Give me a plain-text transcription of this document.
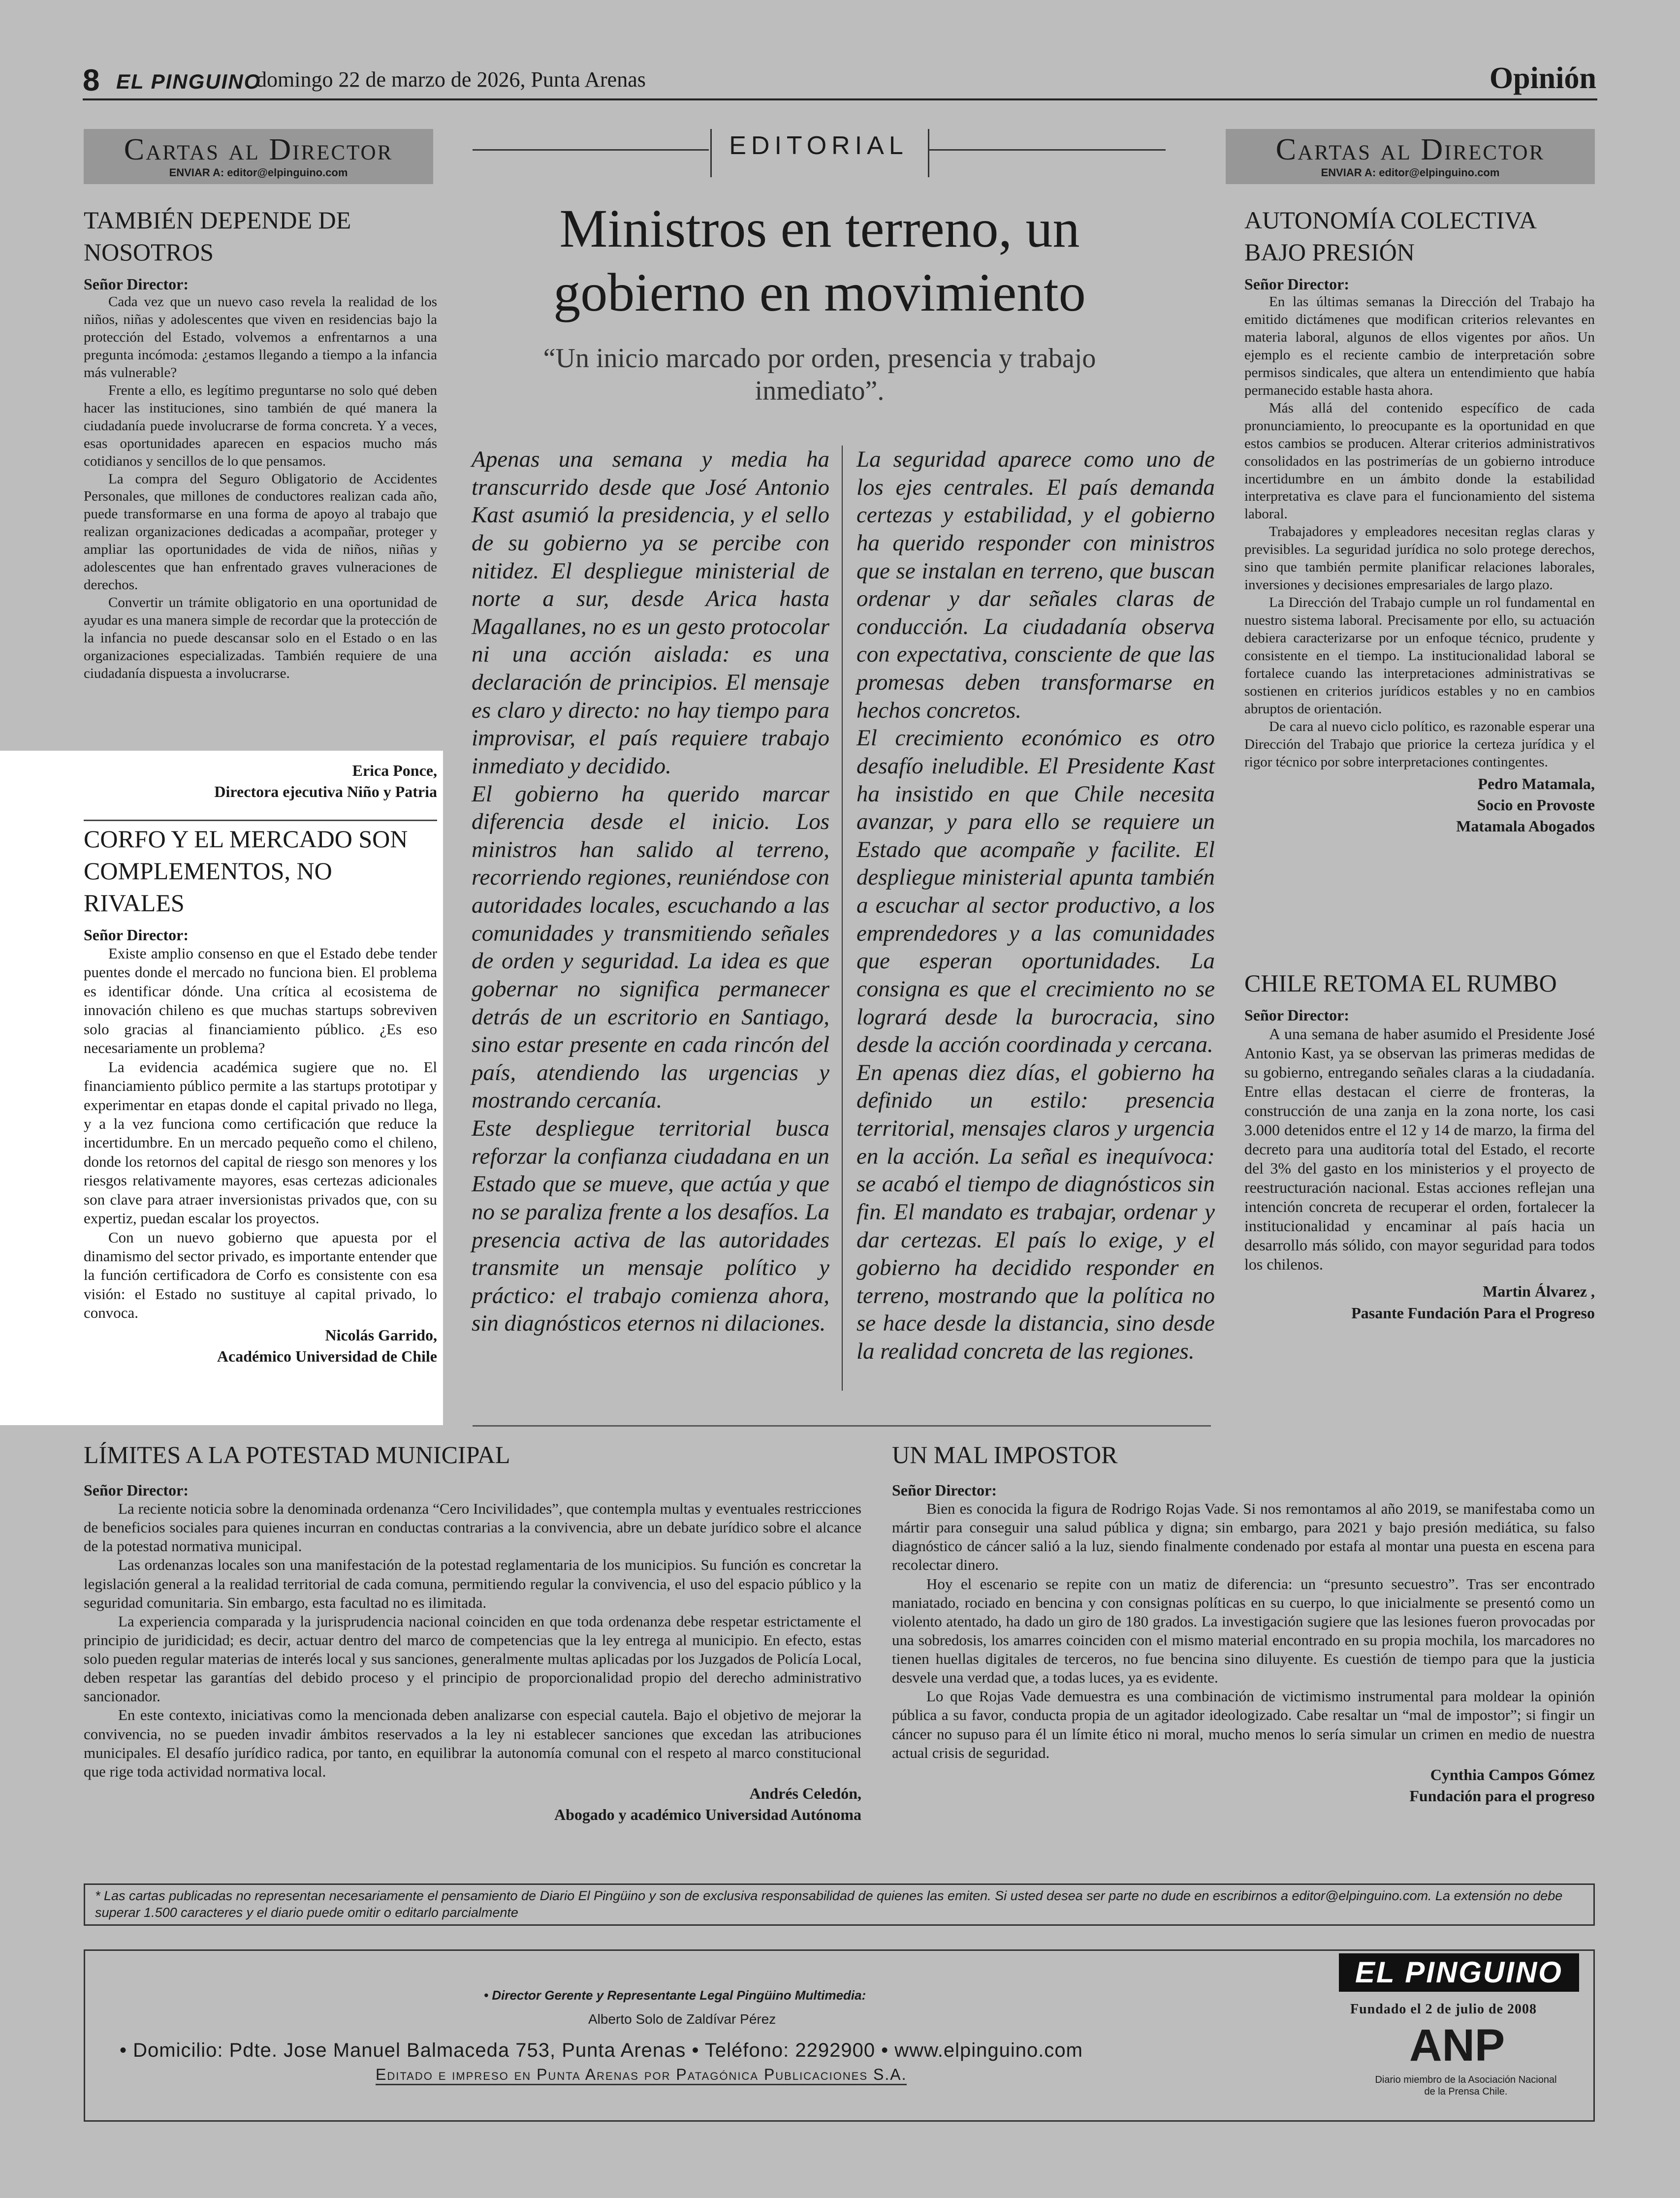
8 EL PINGUINO
domingo 22 de marzo de 2026, Punta Arenas	Opinión
Cartas al Director
ENVIAR A: editor@elpinguino.com
TAMBIÉN DEPENDE DE NOSOTROS
Señor Director:

Cada vez que un nuevo caso revela la realidad de los niños, niñas y adolescentes que viven en residencias bajo la protección del Estado, volvemos a enfrentarnos a una pregunta incómoda: ¿estamos llegando a tiempo a la infancia más vulnerable?

Frente a ello, es legítimo preguntarse no solo qué deben hacer las instituciones, sino también de qué manera la ciudadanía puede involucrarse de forma concreta. Y a veces, esas oportunidades aparecen en espacios mucho más cotidianos y sencillos de lo que pensamos.

La compra del Seguro Obligatorio de Accidentes Personales, que millones de conductores realizan cada año, puede transformarse en una forma de apoyo al trabajo que realizan organizaciones dedicadas a acompañar, proteger y ampliar las oportunidades de vida de niños, niñas y adolescentes que han enfrentado graves vulneraciones de derechos.

Convertir un trámite obligatorio en una oportunidad de ayudar es una manera simple de recordar que la protección de la infancia no puede descansar solo en el Estado o en las organizaciones especializadas. También requiere de una ciudadanía dispuesta a involucrarse.

Erica Ponce,
Directora ejecutiva Niño y Patria
CORFO Y EL MERCADO SON COMPLEMENTOS, NO RIVALES
Señor Director:

Existe amplio consenso en que el Estado debe tender puentes donde el mercado no funciona bien. El problema es identificar dónde. Una crítica al ecosistema de innovación chileno es que muchas startups sobreviven solo gracias al financiamiento público. ¿Es eso necesariamente un problema?

La evidencia académica sugiere que no. El financiamiento público permite a las startups prototipar y experimentar en etapas donde el capital privado no llega, y a la vez funciona como certificación que reduce la incertidumbre. En un mercado pequeño como el chileno, donde los retornos del capital de riesgo son menores y los riesgos relativamente mayores, esas certezas adicionales son clave para atraer inversionistas privados que, con su expertiz, puedan escalar los proyectos.

Con un nuevo gobierno que apuesta por el dinamismo del sector privado, es importante entender que la función certificadora de Corfo es consistente con esa visión: el Estado no sustituye al capital privado, lo convoca.

Nicolás Garrido,
Académico Universidad de Chile
EDITORIAL
Ministros en terreno, un gobierno en movimiento
“Un inicio marcado por orden, presencia y trabajo inmediato”.

Apenas una semana y media ha transcurrido desde que José Antonio Kast asumió la presidencia, y el sello de su gobierno ya se percibe con nitidez. El despliegue ministerial de norte a sur, desde Arica hasta Magallanes, no es un gesto protocolar ni una acción aislada: es una declaración de principios. El mensaje es claro y directo: no hay tiempo para improvisar, el país requiere trabajo inmediato y decidido.

El gobierno ha querido marcar diferencia desde el inicio. Los ministros han salido al terreno, recorriendo regiones, reuniéndose con autoridades locales, escuchando a las comunidades y transmitiendo señales de orden y seguridad. La idea es que gobernar no significa permanecer detrás de un escritorio en Santiago, sino estar presente en cada rincón del país, atendiendo las urgencias y mostrando cercanía.

Este despliegue territorial busca reforzar la confianza ciudadana en un Estado que se mueve, que actúa y que no se paraliza frente a los desafíos. La presencia activa de las autoridades transmite un mensaje político y práctico: el trabajo comienza ahora, sin diagnósticos eternos ni dilaciones.

La seguridad aparece como uno de los ejes centrales. El país demanda certezas y estabilidad, y el gobierno ha querido responder con ministros que se instalan en terreno, que buscan ordenar y dar señales claras de conducción. La ciudadanía observa con expectativa, consciente de que las promesas deben transformarse en hechos concretos.

El crecimiento económico es otro desafío ineludible. El Presidente Kast ha insistido en que Chile necesita avanzar, y para ello se requiere un Estado que acompañe y facilite. El despliegue ministerial apunta también a escuchar al sector productivo, a los emprendedores y a las comunidades que esperan oportunidades. La consigna es que el crecimiento no se logrará desde la burocracia, sino desde la acción coordinada y cercana.

En apenas diez días, el gobierno ha definido un estilo: presencia territorial, mensajes claros y urgencia en la acción. La señal es inequívoca: se acabó el tiempo de diagnósticos sin fin. El mandato es trabajar, ordenar y dar certezas. El país lo exige, y el gobierno ha decidido responder en terreno, mostrando que la política no se hace desde la distancia, sino desde la realidad concreta de las regiones.

Cartas al Director
ENVIAR A: editor@elpinguino.com
AUTONOMÍA COLECTIVA BAJO PRESIÓN
Señor Director:

En las últimas semanas la Dirección del Trabajo ha emitido dictámenes que modifican criterios relevantes en materia laboral, algunos de ellos vigentes por años. Un ejemplo es el reciente cambio de interpretación sobre permisos sindicales, que altera un entendimiento que había permanecido estable hasta ahora.

Más allá del contenido específico de cada pronunciamiento, lo preocupante es la oportunidad en que estos cambios se producen. Alterar criterios administrativos consolidados en las postrimerías de un gobierno introduce incertidumbre en un ámbito donde la estabilidad interpretativa es clave para el funcionamiento del sistema laboral.

Trabajadores y empleadores necesitan reglas claras y previsibles. La seguridad jurídica no solo protege derechos, sino que también permite planificar relaciones laborales, inversiones y decisiones empresariales de largo plazo.

La Dirección del Trabajo cumple un rol fundamental en nuestro sistema laboral. Precisamente por ello, su actuación debiera caracterizarse por un enfoque técnico, prudente y consistente en el tiempo. La institucionalidad laboral se fortalece cuando las interpretaciones administrativas se sostienen en criterios jurídicos estables y no en cambios abruptos de orientación.

De cara al nuevo ciclo político, es razonable esperar una Dirección del Trabajo que priorice la certeza jurídica y el rigor técnico por sobre interpretaciones contingentes.

Pedro Matamala,
Socio en Provoste
Matamala Abogados
CHILE RETOMA EL RUMBO
Señor Director:

A una semana de haber asumido el Presidente José Antonio Kast, ya se observan las primeras medidas de su gobierno, entregando señales claras a la ciudadanía. Entre ellas destacan el cierre de fronteras, la construcción de una zanja en la zona norte, los casi 3.000 detenidos entre el 12 y 14 de marzo, la firma del decreto para una auditoría total del Estado, el recorte del 3% del gasto en los ministerios y el proyecto de reestructuración nacional. Estas acciones reflejan una intención concreta de recuperar el orden, fortalecer la institucionalidad y encaminar al país hacia un desarrollo más sólido, con mayor seguridad para todos los chilenos.

Martin Álvarez ,
Pasante Fundación Para el Progreso
LÍMITES A LA POTESTAD MUNICIPAL
Señor Director:

La reciente noticia sobre la denominada ordenanza “Cero Incivilidades”, que contempla multas y eventuales restricciones de beneficios sociales para quienes incurran en conductas contrarias a la convivencia, abre un debate jurídico sobre el alcance de la potestad normativa municipal.

Las ordenanzas locales son una manifestación de la potestad reglamentaria de los municipios. Su función es concretar la legislación general a la realidad territorial de cada comuna, permitiendo regular la convivencia, el uso del espacio público y la seguridad comunitaria. Sin embargo, esta facultad no es ilimitada.

La experiencia comparada y la jurisprudencia nacional coinciden en que toda ordenanza debe respetar estrictamente el principio de juridicidad; es decir, actuar dentro del marco de competencias que la ley entrega al municipio. En efecto, estas solo pueden regular materias de interés local y sus sanciones, generalmente multas aplicadas por los Juzgados de Policía Local, deben respetar las garantías del debido proceso y el principio de proporcionalidad propio del derecho administrativo sancionador.

En este contexto, iniciativas como la mencionada deben analizarse con especial cautela. Bajo el objetivo de mejorar la convivencia, no se pueden invadir ámbitos reservados a la ley ni establecer sanciones que excedan las atribuciones municipales. El desafío jurídico radica, por tanto, en equilibrar la autonomía comunal con el respeto al marco constitucional que rige toda actividad normativa local.

Andrés Celedón,
Abogado y académico Universidad Autónoma
UN MAL IMPOSTOR
Señor Director:

Bien es conocida la figura de Rodrigo Rojas Vade. Si nos remontamos al año 2019, se manifestaba como un mártir para conseguir una salud pública y digna; sin embargo, para 2021 y bajo presión mediática, su falso diagnóstico de cáncer salió a la luz, siendo finalmente condenado por estafa al montar una puesta en escena para recolectar dinero.

Hoy el escenario se repite con un matiz de diferencia: un “presunto secuestro”. Tras ser encontrado maniatado, rociado en bencina y con consignas políticas en su cuerpo, lo que inicialmente se presentó como un violento atentado, ha dado un giro de 180 grados. La investigación sugiere que las lesiones fueron provocadas por una sobredosis, los amarres coinciden con el mismo material encontrado en su propia mochila, los marcadores no tienen huellas digitales de terceros, no fue bencina sino diluyente. Es cuestión de tiempo para que la justicia desvele una verdad que, a todas luces, ya es evidente.

Lo que Rojas Vade demuestra es una combinación de victimismo instrumental para moldear la opinión pública a su favor, conducta propia de un agitador ideologizado. Cabe resaltar un “mal de impostor”; si fingir un cáncer no supuso para él un límite ético ni moral, mucho menos lo sería simular un crimen en medio de nuestra actual crisis de seguridad.

Cynthia Campos Gómez
Fundación para el progreso
* Las cartas publicadas no representan necesariamente el pensamiento de Diario El Pingüino y son de exclusiva responsabilidad de quienes las emiten. Si usted desea ser parte no dude en escribirnos a editor@elpinguino.com. La extensión no debe superar 1.500 caracteres y el diario puede omitir o editarlo parcialmente
• Director Gerente y Representante Legal Pingüino Multimedia:
Alberto Solo de Zaldívar Pérez
• Domicilio: Pdte. Jose Manuel Balmaceda 753, Punta Arenas • Teléfono: 2292900 • www.elpinguino.com
Editado e impreso en Punta Arenas por Patagónica Publicaciones S.A.
EL PINGUINO
Fundado el 2 de julio de 2008
ANP
Diario miembro de la Asociación Nacional de la Prensa Chile.
